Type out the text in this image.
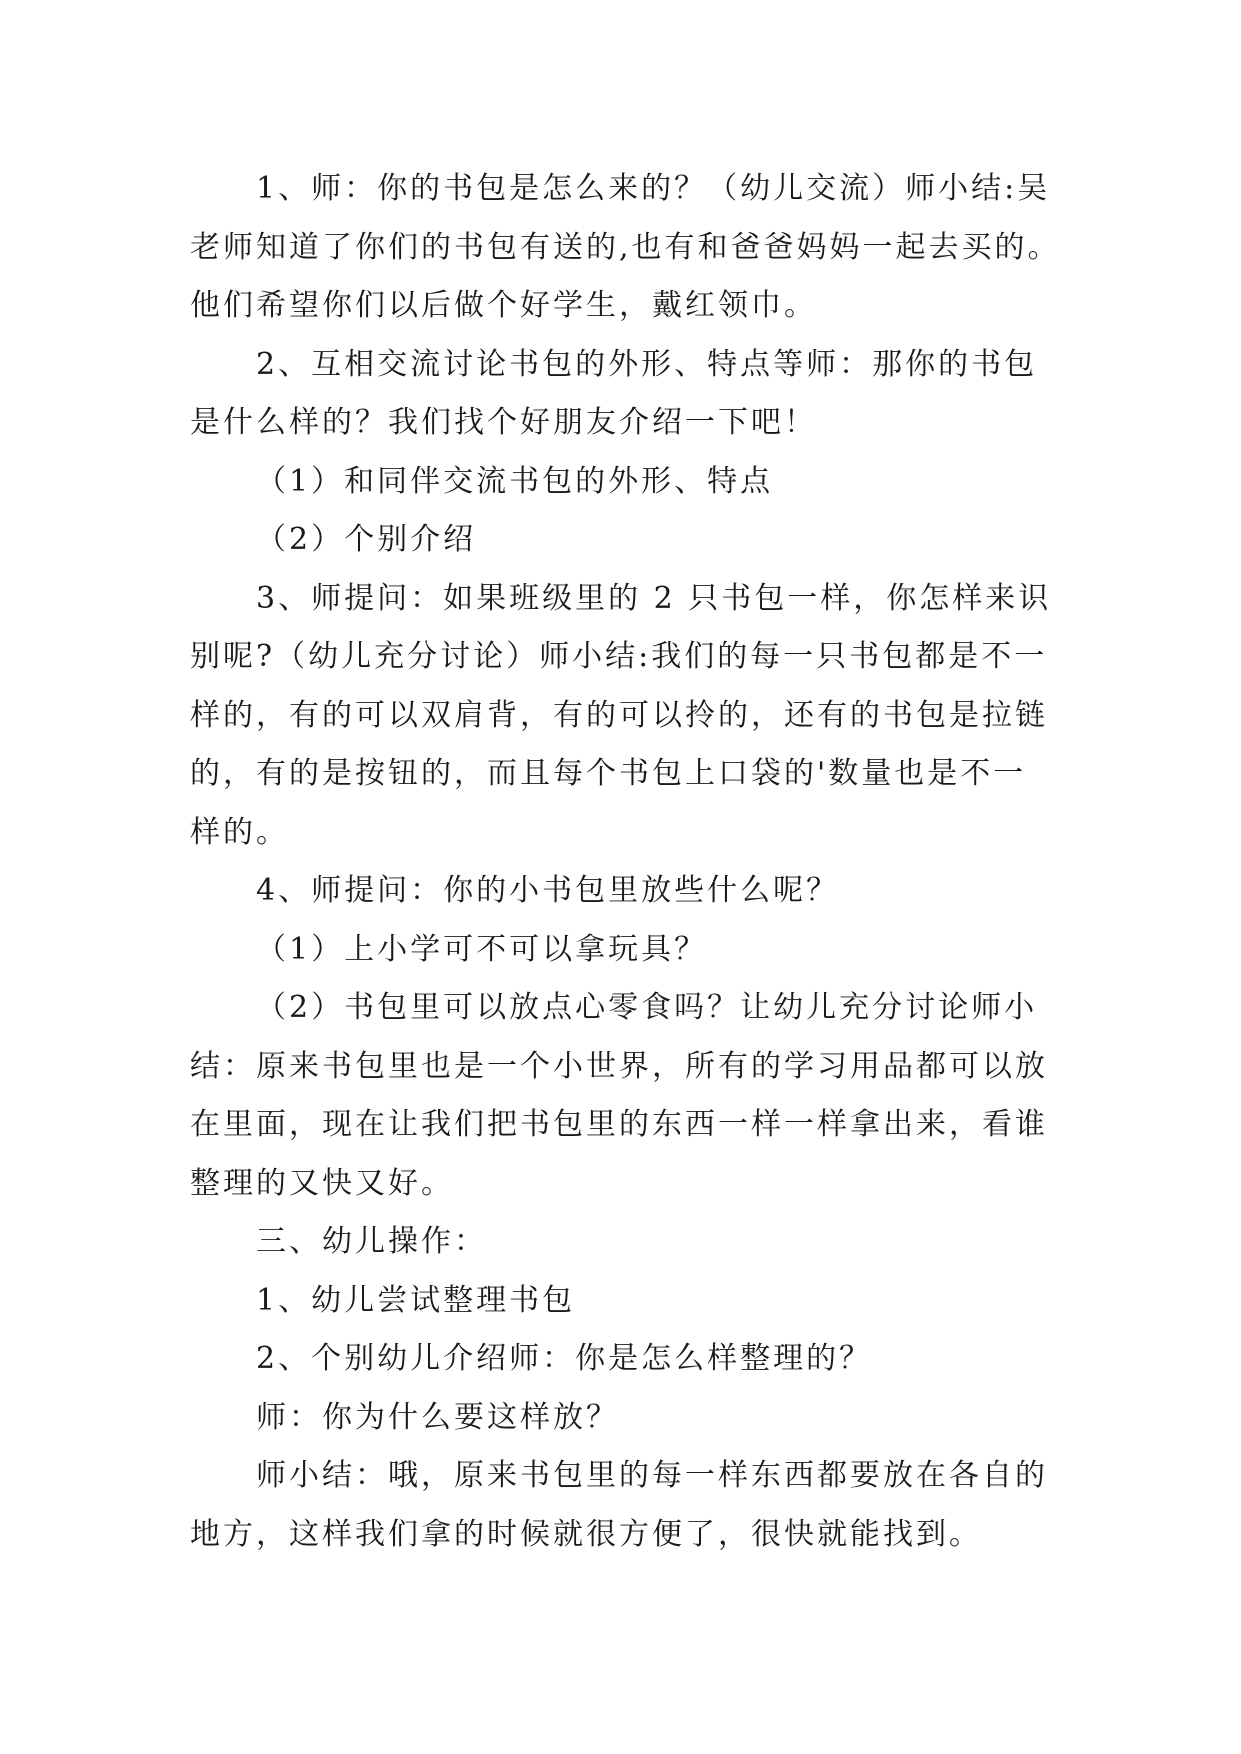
1、师：你的书包是怎么来的？（幼儿交流）师小结:吴

老师知道了你们的书包有送的,也有和爸爸妈妈一起去买的。

他们希望你们以后做个好学生，戴红领巾。

2、互相交流讨论书包的外形、特点等师：那你的书包

是什么样的？我们找个好朋友介绍一下吧！

（1）和同伴交流书包的外形、特点

（2）个别介绍

3、师提问：如果班级里的 2 只书包一样，你怎样来识

别呢?（幼儿充分讨论）师小结:我们的每一只书包都是不一

样的，有的可以双肩背，有的可以拎的，还有的书包是拉链

的，有的是按钮的，而且每个书包上口袋的'数量也是不一

样的。

4、师提问：你的小书包里放些什么呢？

（1）上小学可不可以拿玩具？

（2）书包里可以放点心零食吗？让幼儿充分讨论师小

结：原来书包里也是一个小世界，所有的学习用品都可以放

在里面，现在让我们把书包里的东西一样一样拿出来，看谁

整理的又快又好。

三、幼儿操作：

1、幼儿尝试整理书包

2、个别幼儿介绍师：你是怎么样整理的？

师：你为什么要这样放？

师小结：哦，原来书包里的每一样东西都要放在各自的

地方，这样我们拿的时候就很方便了，很快就能找到。
